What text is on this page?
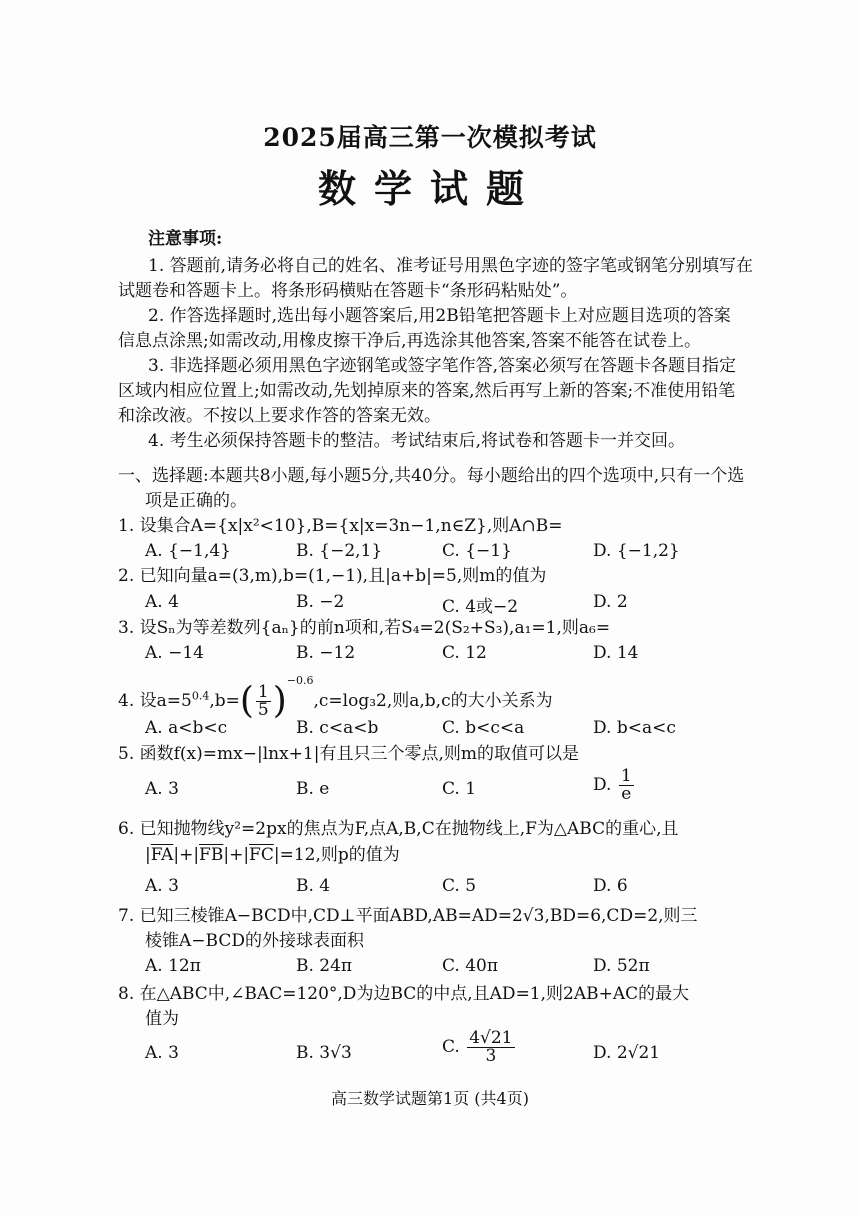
2025届高三第一次模拟考试
数学试题
注意事项:
1. 答题前,请务必将自己的姓名、准考证号用黑色字迹的签字笔或钢笔分别填写在
试题卷和答题卡上。将条形码横贴在答题卡“条形码粘贴处”。
2. 作答选择题时,选出每小题答案后,用2B铅笔把答题卡上对应题目选项的答案
信息点涂黑;如需改动,用橡皮擦干净后,再选涂其他答案,答案不能答在试卷上。
3. 非选择题必须用黑色字迹钢笔或签字笔作答,答案必须写在答题卡各题目指定
区域内相应位置上;如需改动,先划掉原来的答案,然后再写上新的答案;不准使用铅笔
和涂改液。不按以上要求作答的答案无效。
4. 考生必须保持答题卡的整洁。考试结束后,将试卷和答题卡一并交回。
一、选择题:本题共8小题,每小题5分,共40分。每小题给出的四个选项中,只有一个选
项是正确的。
1. 设集合A={x|x²<10},B={x|x=3n−1,n∈Z},则A∩B=
A. {−1,4}	B. {−2,1}	C. {−1}	D. {−1,2}
2. 已知向量a=(3,m),b=(1,−1),且|a+b|=5,则m的值为
A. 4	B. −2	C. 4或−2	D. 2
3. 设Sₙ为等差数列{aₙ}的前n项和,若S₄=2(S₂+S₃),a₁=1,则a₆=
A. −14	B. −12	C. 12	D. 14
4. 设$a=5^{0.4},b=( \frac{1}{5} )^{-0.6},c=\log_32$,则a,b,c的大小关系为
A. a<b<c	B. c<a<b	C. b<c<a	D. b<a<c
5. 函数f(x)=mx−|lnx+1|有且只三个零点,则m的取值可以是
A. 3	B. e	C. 1	D. $\frac{1}{e}$
6. 已知抛物线y²=2px的焦点为F,点A,B,C在抛物线上,F为△ABC的重心,且
$|\overline{FA}|+|\overline{FB}|+|\overline{FC}|=12$,则p的值为
A. 3	B. 4	C. 5	D. 6
7. 已知三棱锥A−BCD中,CD⊥平面ABD,AB=AD=2√3,BD=6,CD=2,则三
棱锥A−BCD的外接球表面积
A. 12π	B. 24π	C. 40π	D. 52π
8. 在△ABC中,∠BAC=120°,D为边BC的中点,且AD=1,则2AB+AC的最大
值为
A. 3	B. 3√3	C. $\frac{4√21}{3}$	D. 2√21
高三数学试题第1页 (共4页)
